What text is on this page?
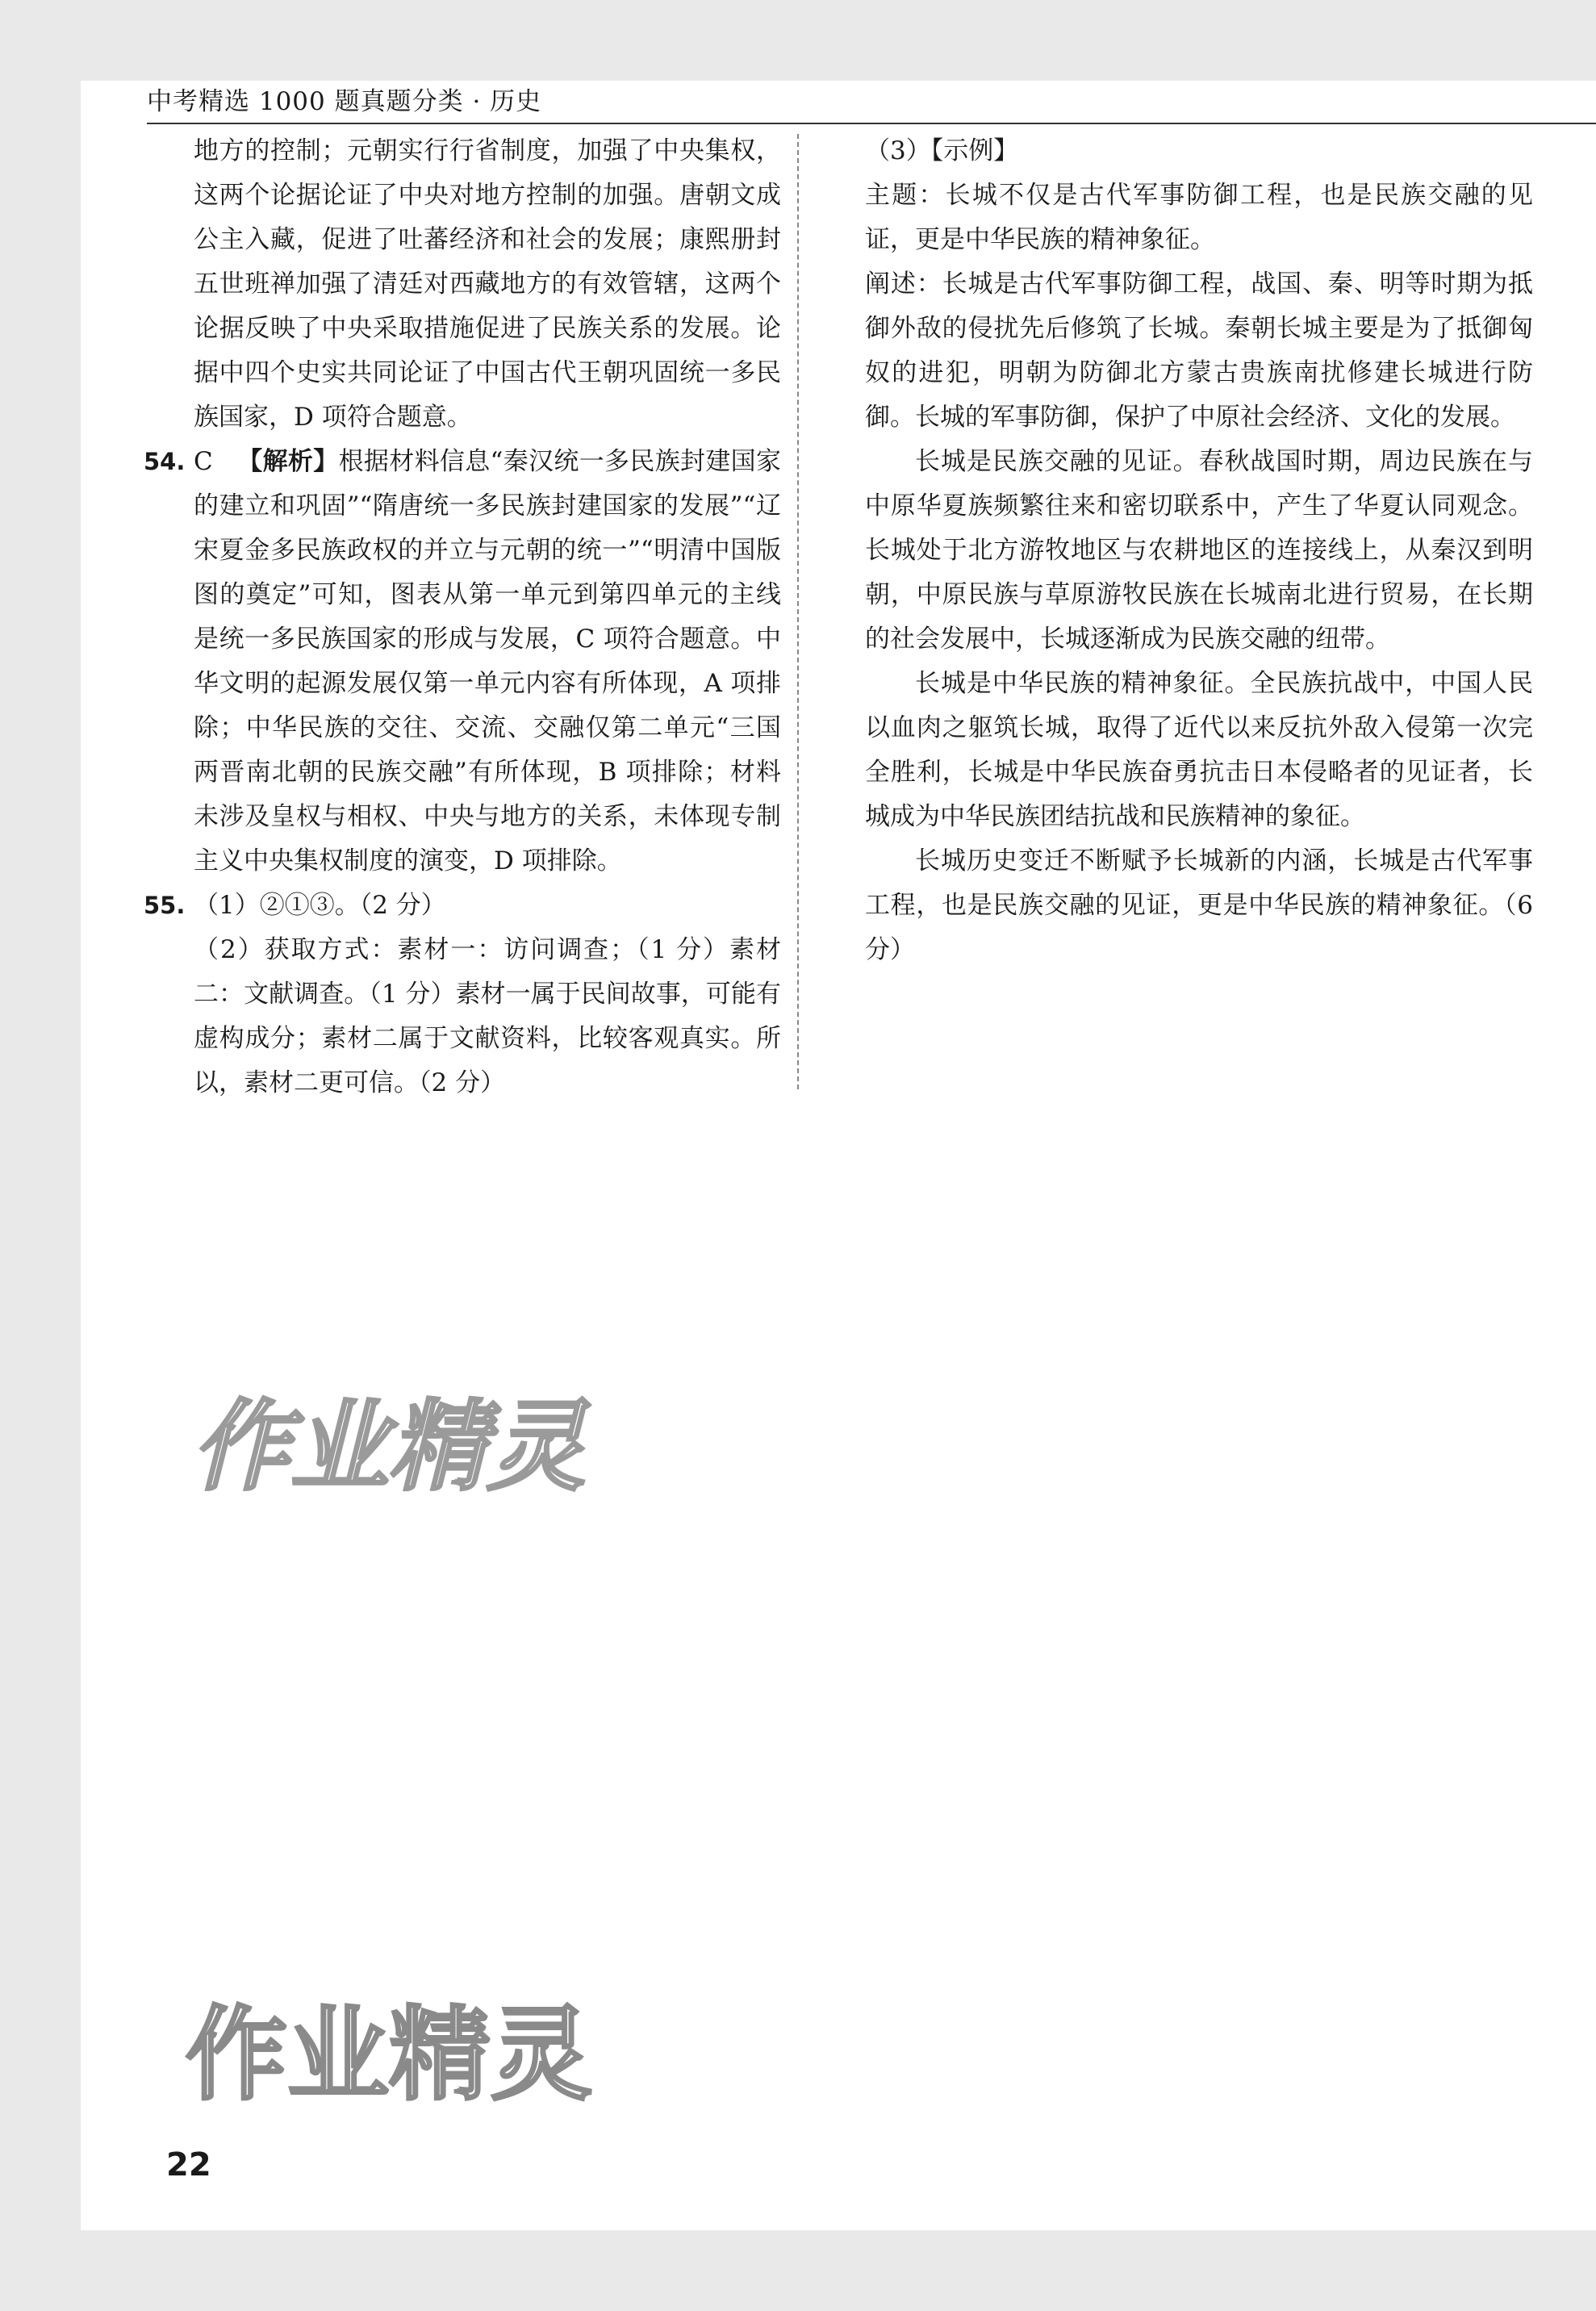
中考精选 1000 题真题分类 · 历史

地方的控制；元朝实行行省制度，加强了中央集权，这两个论据论证了中央对地方控制的加强。唐朝文成公主入藏，促进了吐蕃经济和社会的发展；康熙册封五世班禅加强了清廷对西藏地方的有效管辖，这两个论据反映了中央采取措施促进了民族关系的发展。论据中四个史实共同论证了中国古代王朝巩固统一多民族国家，D 项符合题意。

54. C 【解析】根据材料信息“秦汉统一多民族封建国家的建立和巩固”“隋唐统一多民族封建国家的发展”“辽宋夏金多民族政权的并立与元朝的统一”“明清中国版图的奠定”可知，图表从第一单元到第四单元的主线是统一多民族国家的形成与发展，C 项符合题意。中华文明的起源发展仅第一单元内容有所体现，A 项排除；中华民族的交往、交流、交融仅第二单元“三国两晋南北朝的民族交融”有所体现，B 项排除；材料未涉及皇权与相权、中央与地方的关系，未体现专制主义中央集权制度的演变，D 项排除。

55. （1）②①③。（2 分）

（2）获取方式：素材一：访问调查；（1 分）素材二：文献调查。（1 分）素材一属于民间故事，可能有虚构成分；素材二属于文献资料，比较客观真实。所以，素材二更可信。（2 分）

（3）【示例】

主题：长城不仅是古代军事防御工程，也是民族交融的见证，更是中华民族的精神象征。

阐述：长城是古代军事防御工程，战国、秦、明等时期为抵御外敌的侵扰先后修筑了长城。秦朝长城主要是为了抵御匈奴的进犯，明朝为防御北方蒙古贵族南扰修建长城进行防御。长城的军事防御，保护了中原社会经济、文化的发展。

长城是民族交融的见证。春秋战国时期，周边民族在与中原华夏族频繁往来和密切联系中，产生了华夏认同观念。长城处于北方游牧地区与农耕地区的连接线上，从秦汉到明朝，中原民族与草原游牧民族在长城南北进行贸易，在长期的社会发展中，长城逐渐成为民族交融的纽带。

长城是中华民族的精神象征。全民族抗战中，中国人民以血肉之躯筑长城，取得了近代以来反抗外敌入侵第一次完全胜利，长城是中华民族奋勇抗击日本侵略者的见证者，长城成为中华民族团结抗战和民族精神的象征。

长城历史变迁不断赋予长城新的内涵，长城是古代军事工程，也是民族交融的见证，更是中华民族的精神象征。（6 分）

作业精灵
作业精灵
22
